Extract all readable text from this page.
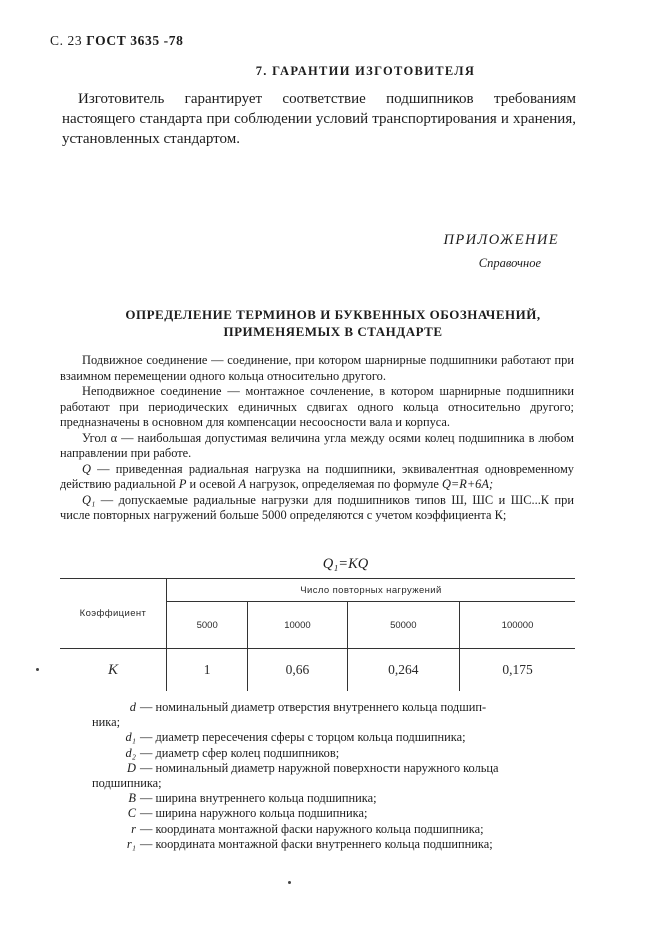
С. 23 ГОСТ 3635 -78
7. ГАРАНТИИ ИЗГОТОВИТЕЛЯ
Изготовитель гарантирует соответствие подшипников требованиям настоящего стандарта при соблюдении условий транспортирования и хранения, установленных стандартом.
ПРИЛОЖЕНИЕ
Справочное
ОПРЕДЕЛЕНИЕ ТЕРМИНОВ И БУКВЕННЫХ ОБОЗНАЧЕНИЙ,
ПРИМЕНЯЕМЫХ В СТАНДАРТЕ

Подвижное соединение — соединение, при котором шарнирные подшипники работают при взаимном перемещении одного кольца относительно другого.

Неподвижное соединение — монтажное сочленение, в котором шарнирные подшипники работают при периодических единичных сдвигах одного кольца относительно другого; предназначены в основном для компенсации несоосности вала и корпуса.

Угол α — наибольшая допустимая величина угла между осями колец подшипника в любом направлении при работе.

Q — приведенная радиальная нагрузка на подшипники, эквивалентная одновременному действию радиальной P и осевой A нагрузок, определяемая по формуле Q=R+6A;

Q₁ — допускаемые радиальные нагрузки для подшипников типов Ш, ШС и ШС...К при числе повторных нагружений больше 5000 определяются с учетом коэффициента К;

Q₁=KQ
Коэффициент	Число повторных нагружений			
	5000	10000	50000	100000
K	1	0,66	0,264	0,175
d — номинальный диаметр отверстия внутреннего кольца подшип-
ника;
d₁ — диаметр пересечения сферы с торцом кольца подшипника;
d₂ — диаметр сфер колец подшипников;
D — номинальный диаметр наружной поверхности наружного кольца
подшипника;
B — ширина внутреннего кольца подшипника;
C — ширина наружного кольца подшипника;
r — координата монтажной фаски наружного кольца подшипника;
r₁ — координата монтажной фаски внутреннего кольца подшипника;
